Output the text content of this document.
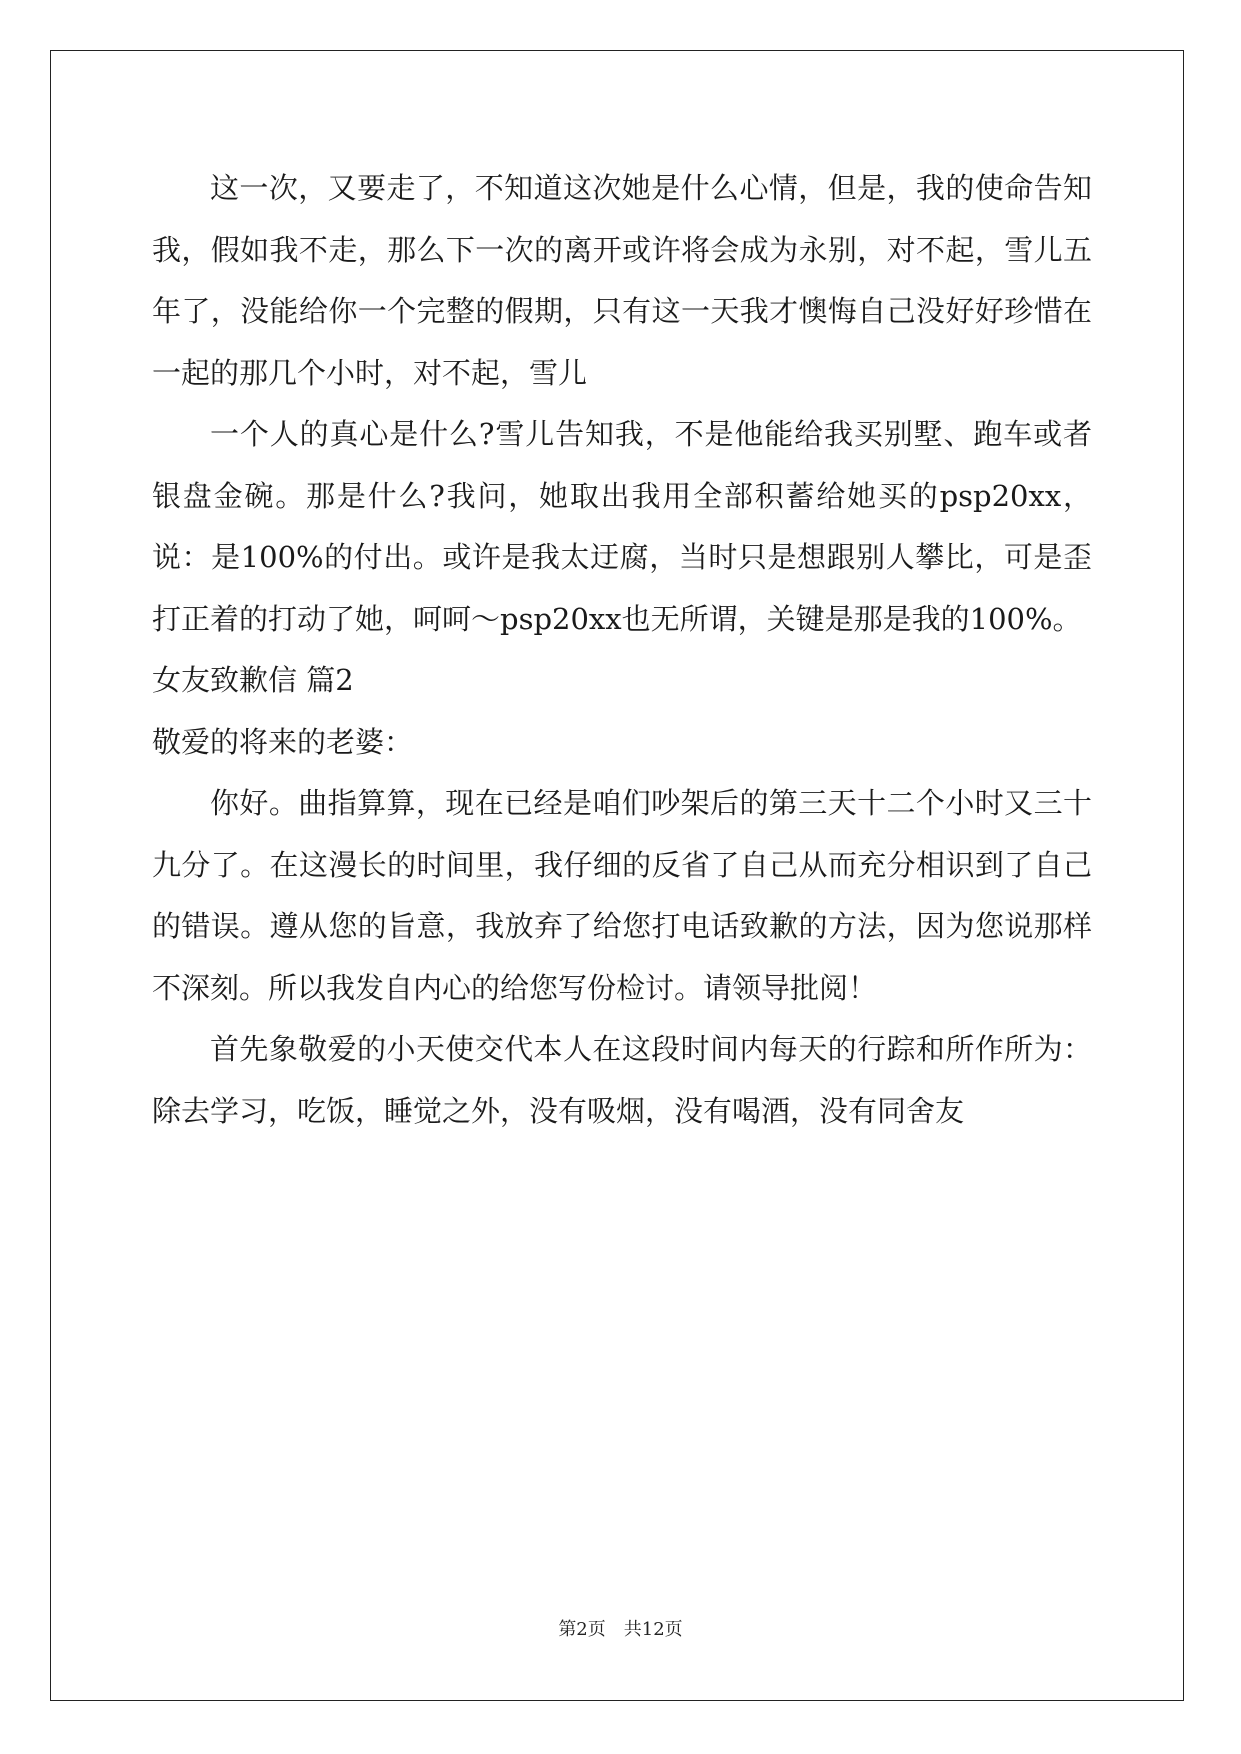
这一次，又要走了，不知道这次她是什么心情，但是，我的使命告知我，假如我不走，那么下一次的离开或许将会成为永别，对不起，雪儿五年了，没能给你一个完整的假期，只有这一天我才懊悔自己没好好珍惜在一起的那几个小时，对不起，雪儿

一个人的真心是什么?雪儿告知我，不是他能给我买别墅、跑车或者银盘金碗。那是什么?我问，她取出我用全部积蓄给她买的psp20xx，说：是100%的付出。或许是我太迂腐，当时只是想跟别人攀比，可是歪打正着的打动了她，呵呵～psp20xx也无所谓，关键是那是我的100%。

女友致歉信 篇2

敬爱的将来的老婆：

你好。曲指算算，现在已经是咱们吵架后的第三天十二个小时又三十九分了。在这漫长的时间里，我仔细的反省了自己从而充分相识到了自己的错误。遵从您的旨意，我放弃了给您打电话致歉的方法，因为您说那样不深刻。所以我发自内心的给您写份检讨。请领导批阅！

首先象敬爱的小天使交代本人在这段时间内每天的行踪和所作所为：除去学习，吃饭，睡觉之外，没有吸烟，没有喝酒，没有同舍友

第2页　共12页
